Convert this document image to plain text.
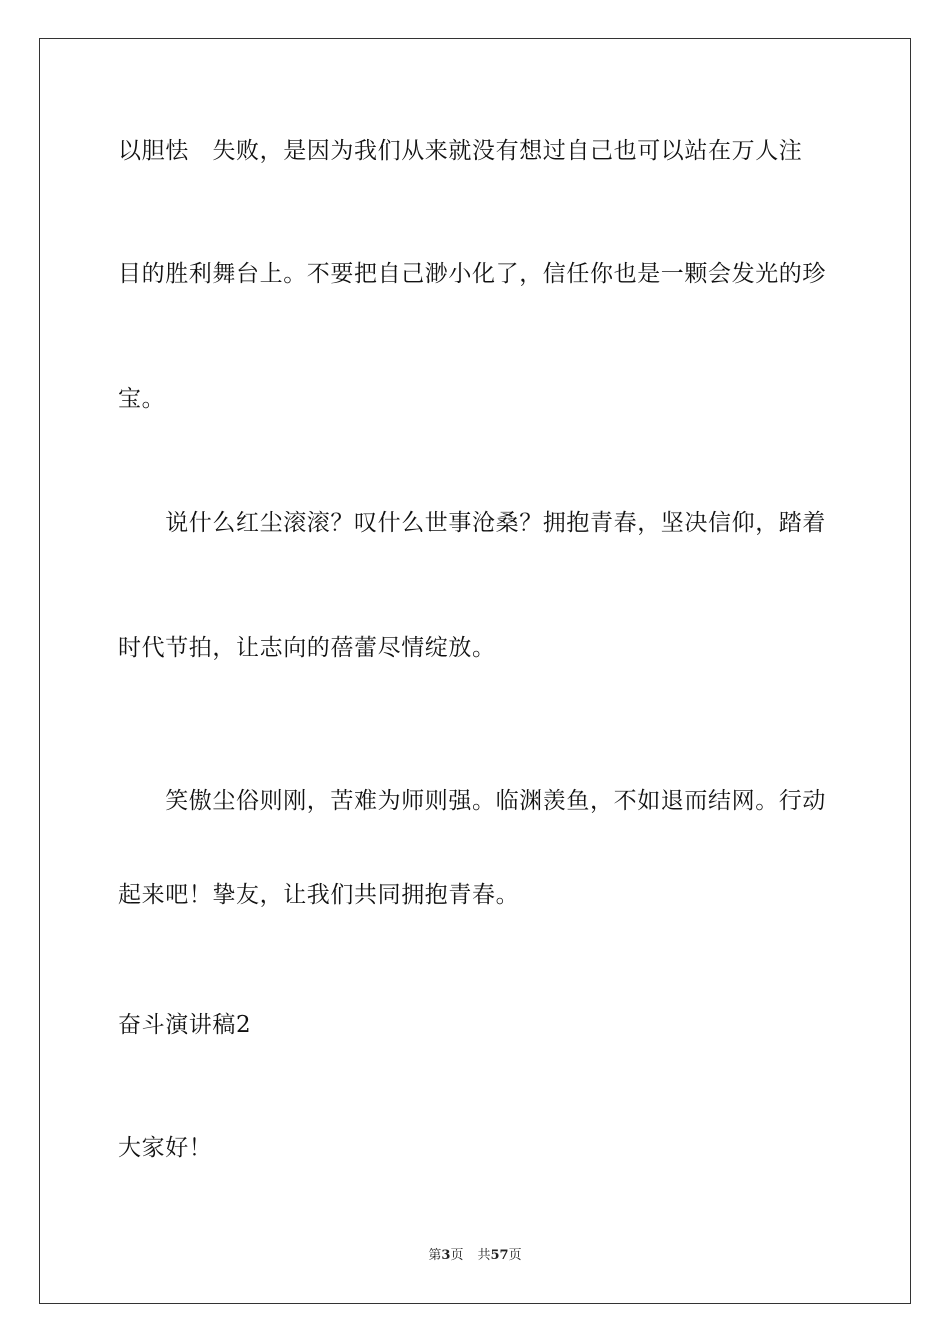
以胆怯　失败，是因为我们从来就没有想过自己也可以站在万人注
目的胜利舞台上。不要把自己渺小化了，信任你也是一颗会发光的珍
宝。
　　说什么红尘滚滚？叹什么世事沧桑？拥抱青春，坚决信仰，踏着
时代节拍，让志向的蓓蕾尽情绽放。
　　笑傲尘俗则刚，苦难为师则强。临渊羡鱼，不如退而结网。行动
起来吧！挚友，让我们共同拥抱青春。
奋斗演讲稿2
大家好！
第3页 共57页
